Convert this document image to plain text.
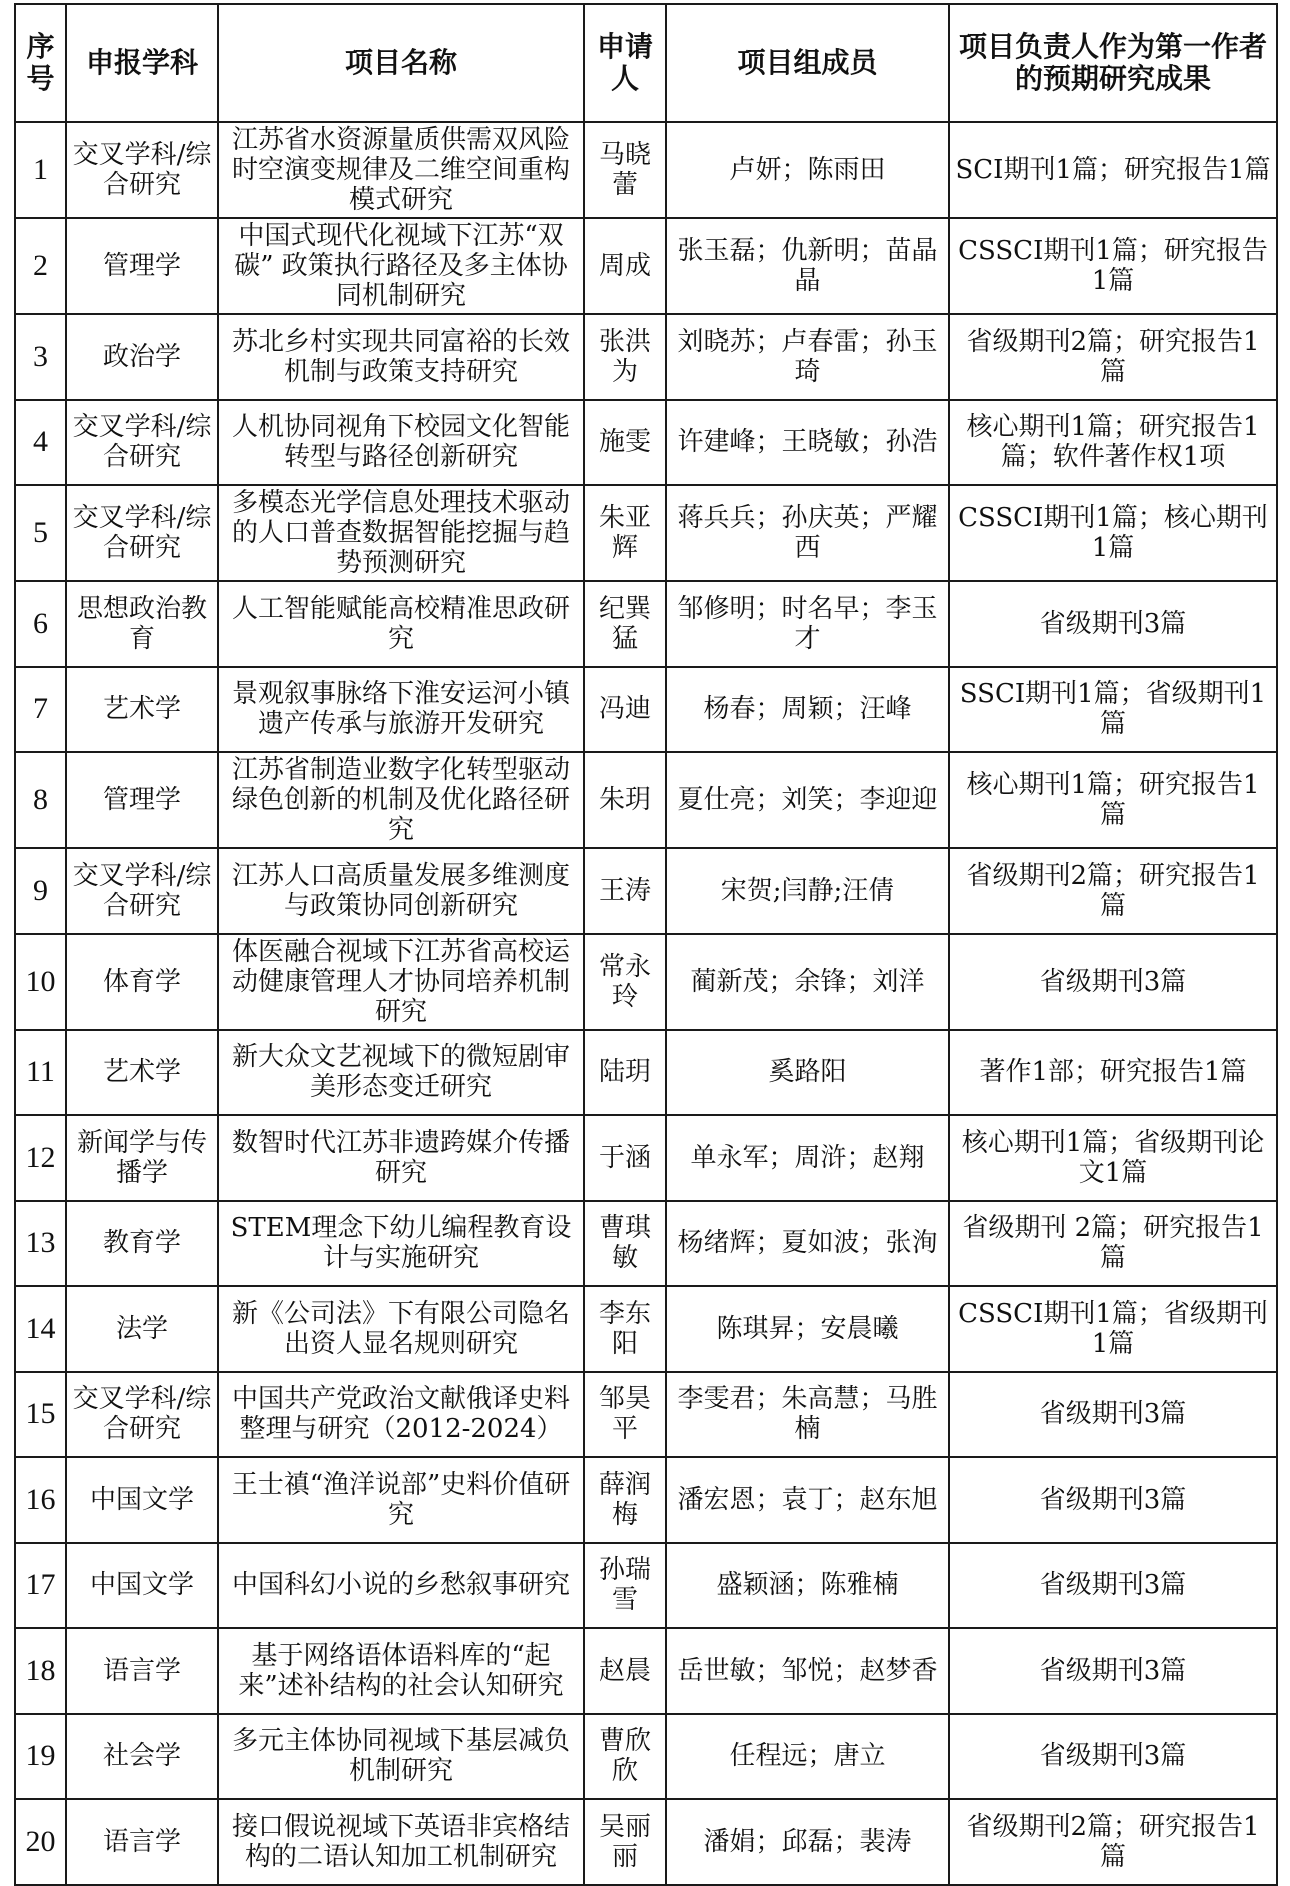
序号	申报学科	项目名称	申请人	项目组成员	项目负责人作为第一作者的预期研究成果
1	交叉学科/综合研究	江苏省水资源量质供需双风险时空演变规律及二维空间重构模式研究	马晓蕾	卢妍；陈雨田	SCI期刊1篇；研究报告1篇
2	管理学	中国式现代化视域下江苏“双碳” 政策执行路径及多主体协同机制研究	周成	张玉磊；仇新明；苗晶晶	CSSCI期刊1篇；研究报告1篇
3	政治学	苏北乡村实现共同富裕的长效机制与政策支持研究	张洪为	刘晓苏；卢春雷；孙玉琦	省级期刊2篇；研究报告1篇
4	交叉学科/综合研究	人机协同视角下校园文化智能转型与路径创新研究	施雯	许建峰；王晓敏；孙浩	核心期刊1篇；研究报告1篇；软件著作权1项
5	交叉学科/综合研究	多模态光学信息处理技术驱动的人口普查数据智能挖掘与趋势预测研究	朱亚辉	蒋兵兵；孙庆英；严耀西	CSSCI期刊1篇；核心期刊1篇
6	思想政治教育	人工智能赋能高校精准思政研究	纪巽猛	邹修明；时名早；李玉才	省级期刊3篇
7	艺术学	景观叙事脉络下淮安运河小镇遗产传承与旅游开发研究	冯迪	杨春；周颖；汪峰	SSCI期刊1篇；省级期刊1篇
8	管理学	江苏省制造业数字化转型驱动绿色创新的机制及优化路径研究	朱玥	夏仕亮；刘笑；李迎迎	核心期刊1篇；研究报告1篇
9	交叉学科/综合研究	江苏人口高质量发展多维测度与政策协同创新研究	王涛	宋贺;闫静;汪倩	省级期刊2篇；研究报告1篇
10	体育学	体医融合视域下江苏省高校运动健康管理人才协同培养机制研究	常永玲	蔺新茂；余锋；刘洋	省级期刊3篇
11	艺术学	新大众文艺视域下的微短剧审美形态变迁研究	陆玥	奚路阳	著作1部；研究报告1篇
12	新闻学与传播学	数智时代江苏非遗跨媒介传播研究	于涵	单永军；周浒；赵翔	核心期刊1篇；省级期刊论文1篇
13	教育学	STEM理念下幼儿编程教育设计与实施研究	曹琪敏	杨绪辉；夏如波；张洵	省级期刊 2篇；研究报告1篇
14	法学	新《公司法》下有限公司隐名出资人显名规则研究	李东阳	陈琪昇；安晨曦	CSSCI期刊1篇；省级期刊1篇
15	交叉学科/综合研究	中国共产党政治文献俄译史料整理与研究（2012-2024）	邹昊平	李雯君；朱高慧；马胜楠	省级期刊3篇
16	中国文学	王士禛“渔洋说部”史料价值研究	薛润梅	潘宏恩；袁丁；赵东旭	省级期刊3篇
17	中国文学	中国科幻小说的乡愁叙事研究	孙瑞雪	盛颖涵；陈雅楠	省级期刊3篇
18	语言学	基于网络语体语料库的“起来”述补结构的社会认知研究	赵晨	岳世敏；邹悦；赵梦香	省级期刊3篇
19	社会学	多元主体协同视域下基层减负机制研究	曹欣欣	任程远；唐立	省级期刊3篇
20	语言学	接口假说视域下英语非宾格结构的二语认知加工机制研究	吴丽丽	潘娟；邱磊；裴涛	省级期刊2篇；研究报告1篇
